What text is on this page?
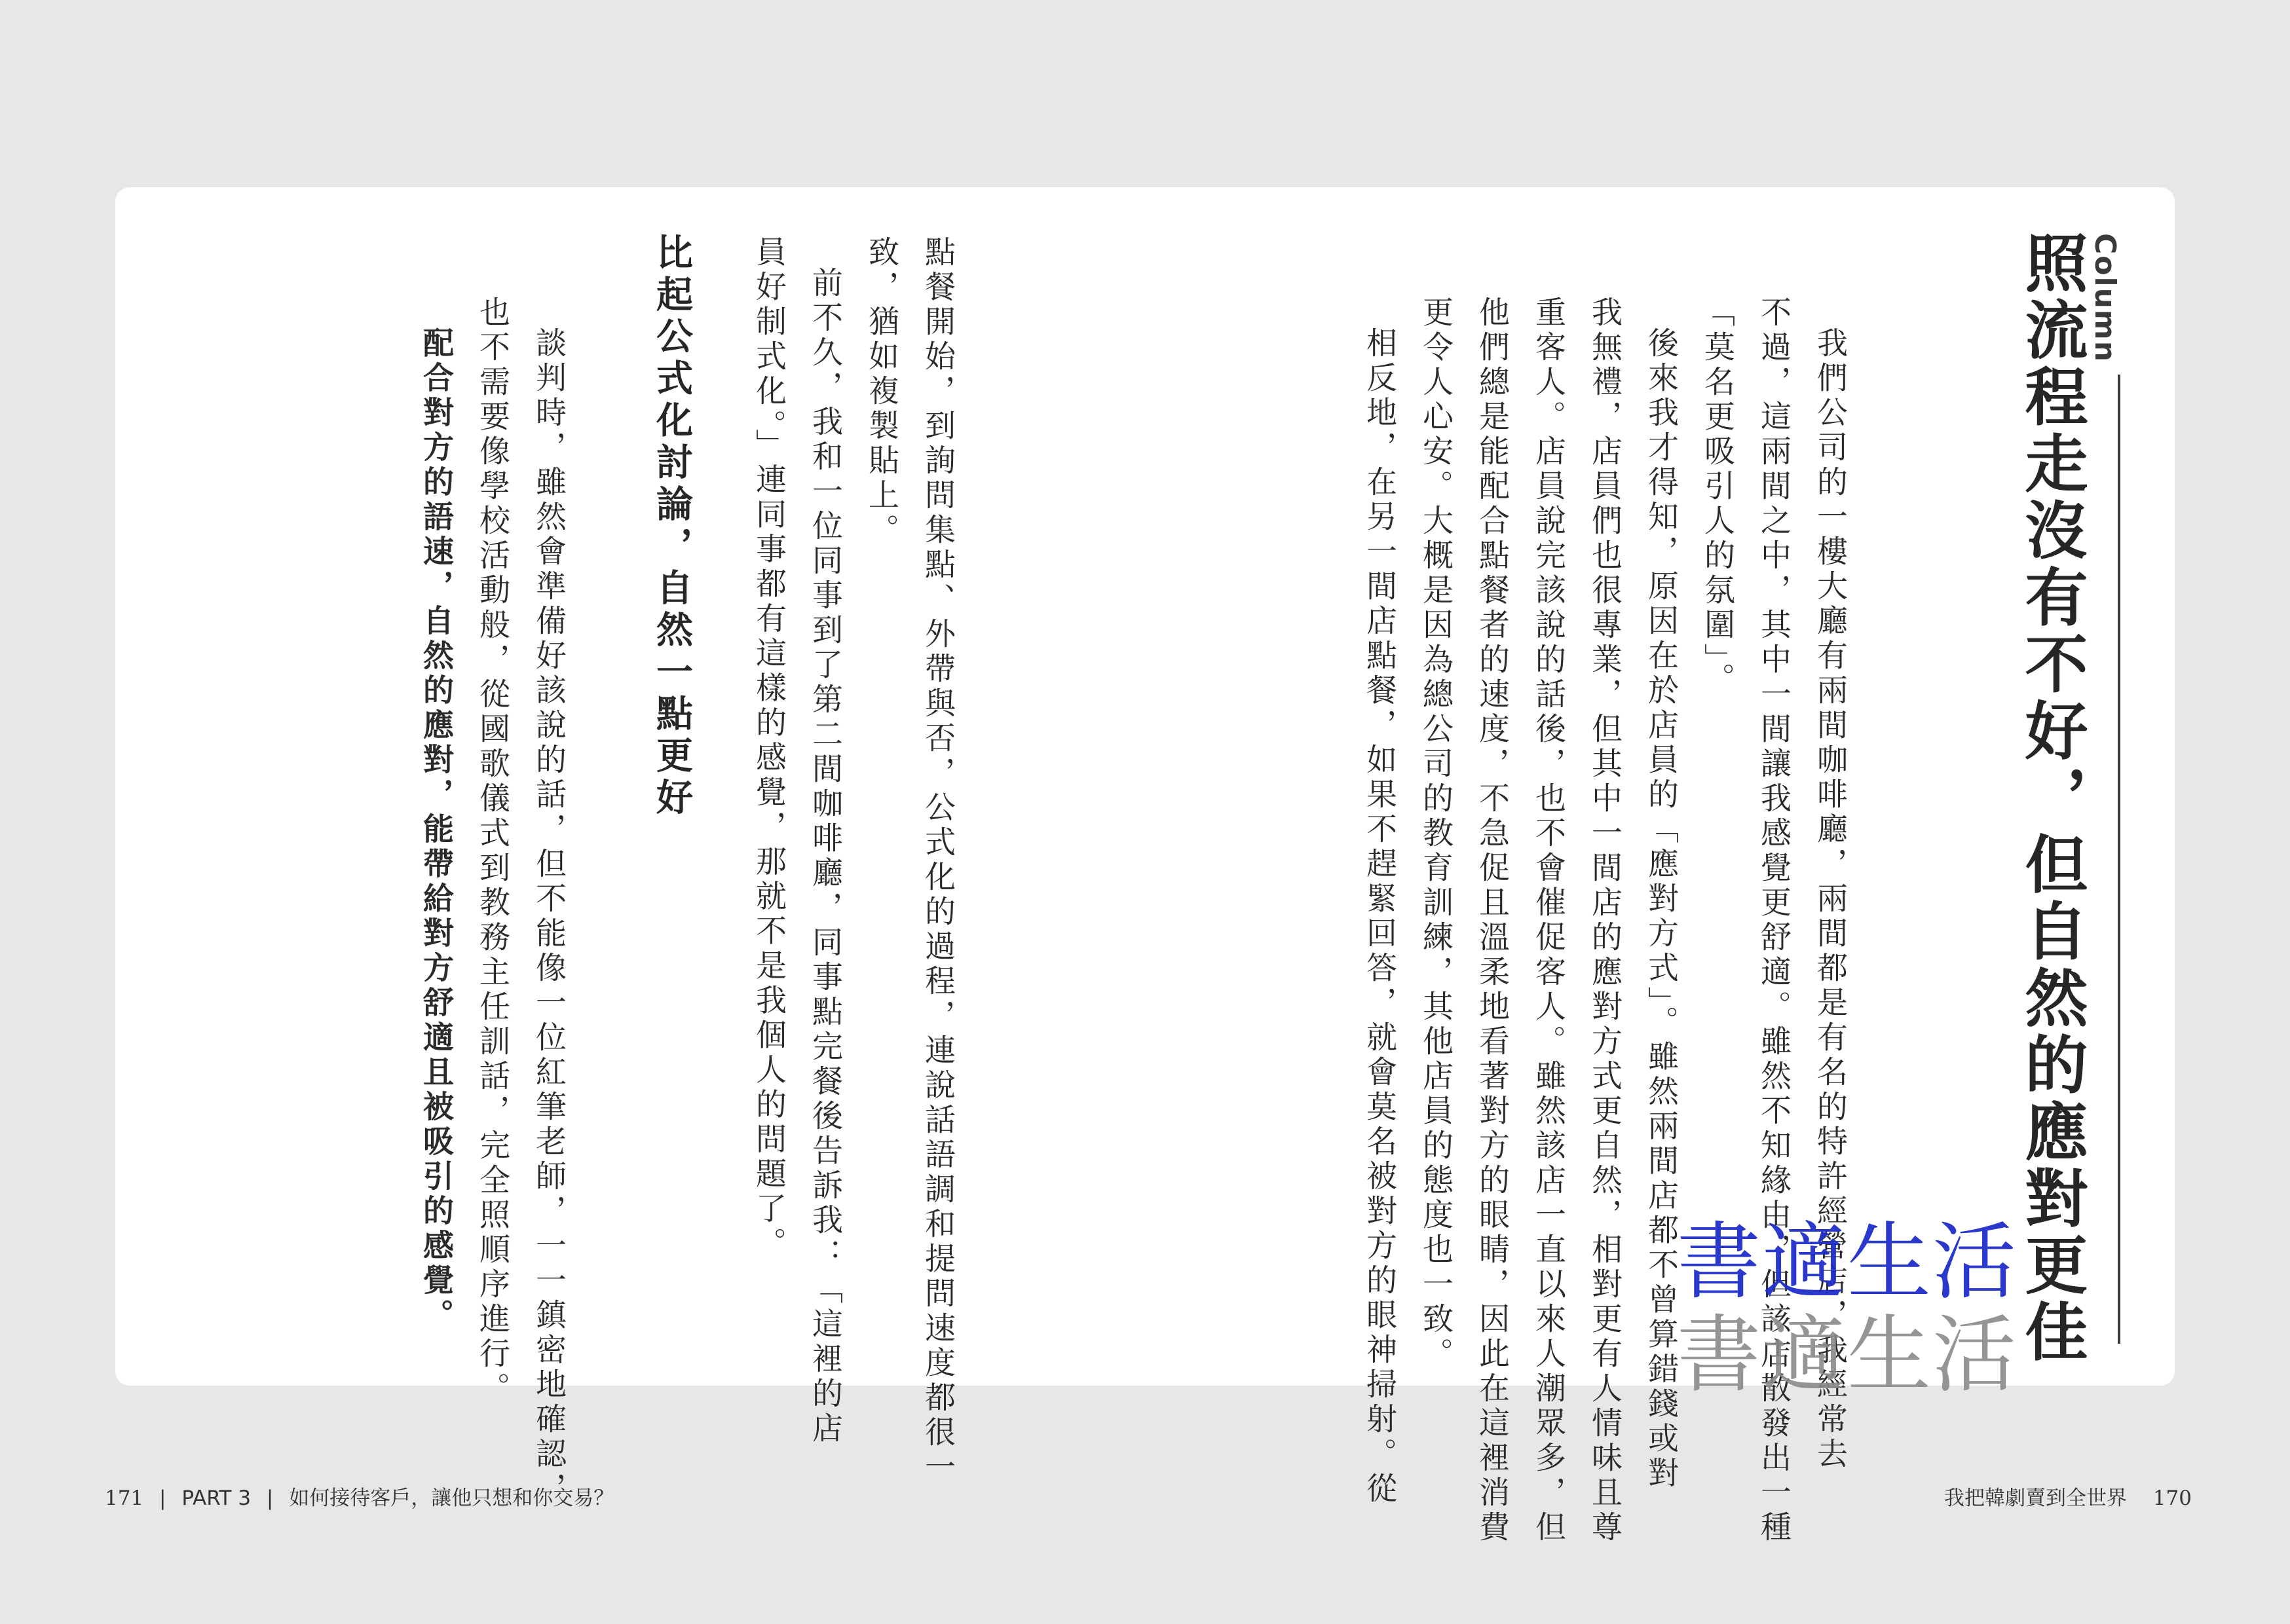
Column
照流程走沒有不好，但自然的應對更佳
我們公司的一樓大廳有兩間咖啡廳，兩間都是有名的特許經營店，我經常去
不過，這兩間之中，其中一間讓我感覺更舒適。雖然不知緣由，但該店散發出一種
「莫名更吸引人的氛圍」。
後來我才得知，原因在於店員的「應對方式」。雖然兩間店都不曾算錯錢或對
我無禮，店員們也很專業，但其中一間店的應對方式更自然，相對更有人情味且尊
重客人。店員說完該說的話後，也不會催促客人。雖然該店一直以來人潮眾多，但
他們總是能配合點餐者的速度，不急促且溫柔地看著對方的眼睛，因此在這裡消費
更令人心安。大概是因為總公司的教育訓練，其他店員的態度也一致。
相反地，在另一間店點餐，如果不趕緊回答，就會莫名被對方的眼神掃射。從
點餐開始，到詢問集點、外帶與否，公式化的過程，連說話語調和提問速度都很一
致，猶如複製貼上。
前不久，我和一位同事到了第二間咖啡廳，同事點完餐後告訴我：「這裡的店
員好制式化。」連同事都有這樣的感覺，那就不是我個人的問題了。
比起公式化討論，自然一點更好
談判時，雖然會準備好該說的話，但不能像一位紅筆老師，一一鎮密地確認，
也不需要像學校活動般，從國歌儀式到教務主任訓話，完全照順序進行。
配合對方的語速，自然的應對，能帶給對方舒適且被吸引的感覺。	書適生活
書適生活
171 | PART 3 | 如何接待客戶，讓他只想和你交易？	我把韓劇賣到全世界 170
